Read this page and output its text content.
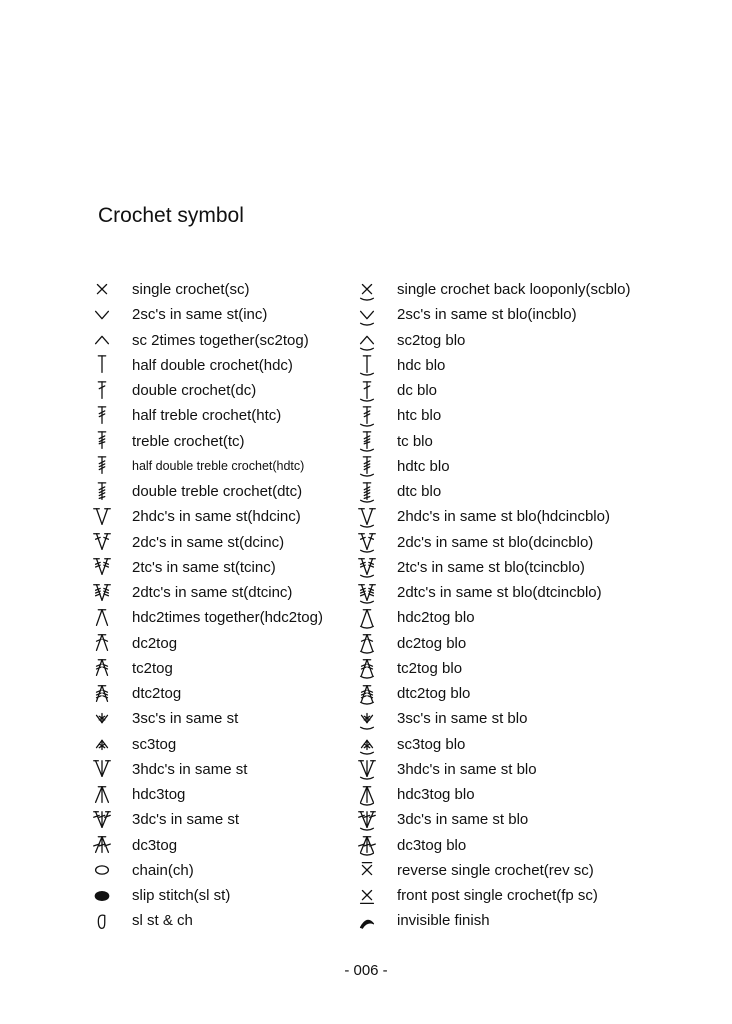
Crochet symbol
single crochet(sc)
2sc's in same st(inc)
sc 2times together(sc2tog)
half double crochet(hdc)
double crochet(dc)
half treble crochet(htc)
treble crochet(tc)
half double treble crochet(hdtc)
double treble crochet(dtc)
2hdc's in same st(hdcinc)
2dc's in same st(dcinc)
2tc's in same st(tcinc)
2dtc's in same st(dtcinc)
hdc2times together(hdc2tog)
dc2tog
tc2tog
dtc2tog
3sc's in same st
sc3tog
3hdc's in same st
hdc3tog
3dc's in same st
dc3tog
chain(ch)
slip stitch(sl st)
sl st & ch
single crochet back looponly(scblo)
2sc's in same st blo(incblo)
sc2tog blo
hdc blo
dc blo
htc blo
tc blo
hdtc blo
dtc blo
2hdc's in same st blo(hdcincblo)
2dc's in same st blo(dcincblo)
2tc's in same st blo(tcincblo)
2dtc's in same st blo(dtcincblo)
hdc2tog blo
dc2tog blo
tc2tog blo
dtc2tog blo
3sc's in same st blo
sc3tog blo
3hdc's in same st blo
hdc3tog blo
3dc's in same st blo
dc3tog blo
reverse single crochet(rev sc)
front post single crochet(fp sc)
invisible finish
- 006 -
